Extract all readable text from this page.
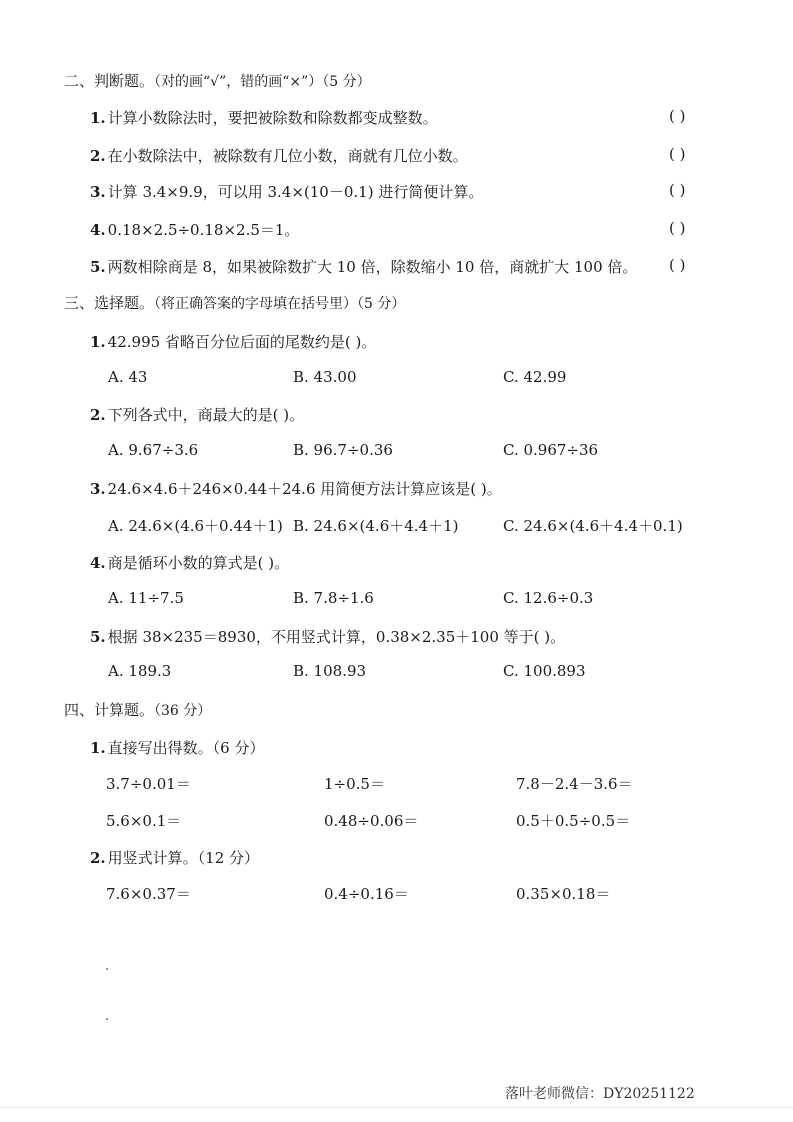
二、判断题。（对的画“√”，错的画“×”）（5 分）
1. 计算小数除法时，要把被除数和除数都变成整数。	( )
2. 在小数除法中，被除数有几位小数，商就有几位小数。	( )
3. 计算 3.4×9.9，可以用 3.4×(10－0.1) 进行简便计算。	( )
4. 0.18×2.5÷0.18×2.5＝1。	( )
5. 两数相除商是 8，如果被除数扩大 10 倍，除数缩小 10 倍，商就扩大 100 倍。 ( )
三、选择题。（将正确答案的字母填在括号里）（5 分）
1. 42.995 省略百分位后面的尾数约是( )。
A. 43	B. 43.00	C. 42.99
2. 下列各式中，商最大的是( )。
A. 9.67÷3.6	B. 96.7÷0.36	C. 0.967÷36
3. 24.6×4.6＋246×0.44＋24.6 用简便方法计算应该是( )。
A. 24.6×(4.6＋0.44＋1) B. 24.6×(4.6＋4.4＋1)	C. 24.6×(4.6＋4.4＋0.1)
4. 商是循环小数的算式是( )。
A. 11÷7.5	B. 7.8÷1.6	C. 12.6÷0.3
5. 根据 38×235＝8930，不用竖式计算，0.38×2.35＋100 等于( )。
A. 189.3	B. 108.93	C. 100.893
四、计算题。（36 分）
1. 直接写出得数。（6 分）
3.7÷0.01＝	1÷0.5＝	7.8－2.4－3.6＝
5.6×0.1＝	0.48÷0.06＝	0.5＋0.5÷0.5＝
2. 用竖式计算。（12 分）
7.6×0.37＝	0.4÷0.16＝	0.35×0.18＝
落叶老师微信：DY20251122
